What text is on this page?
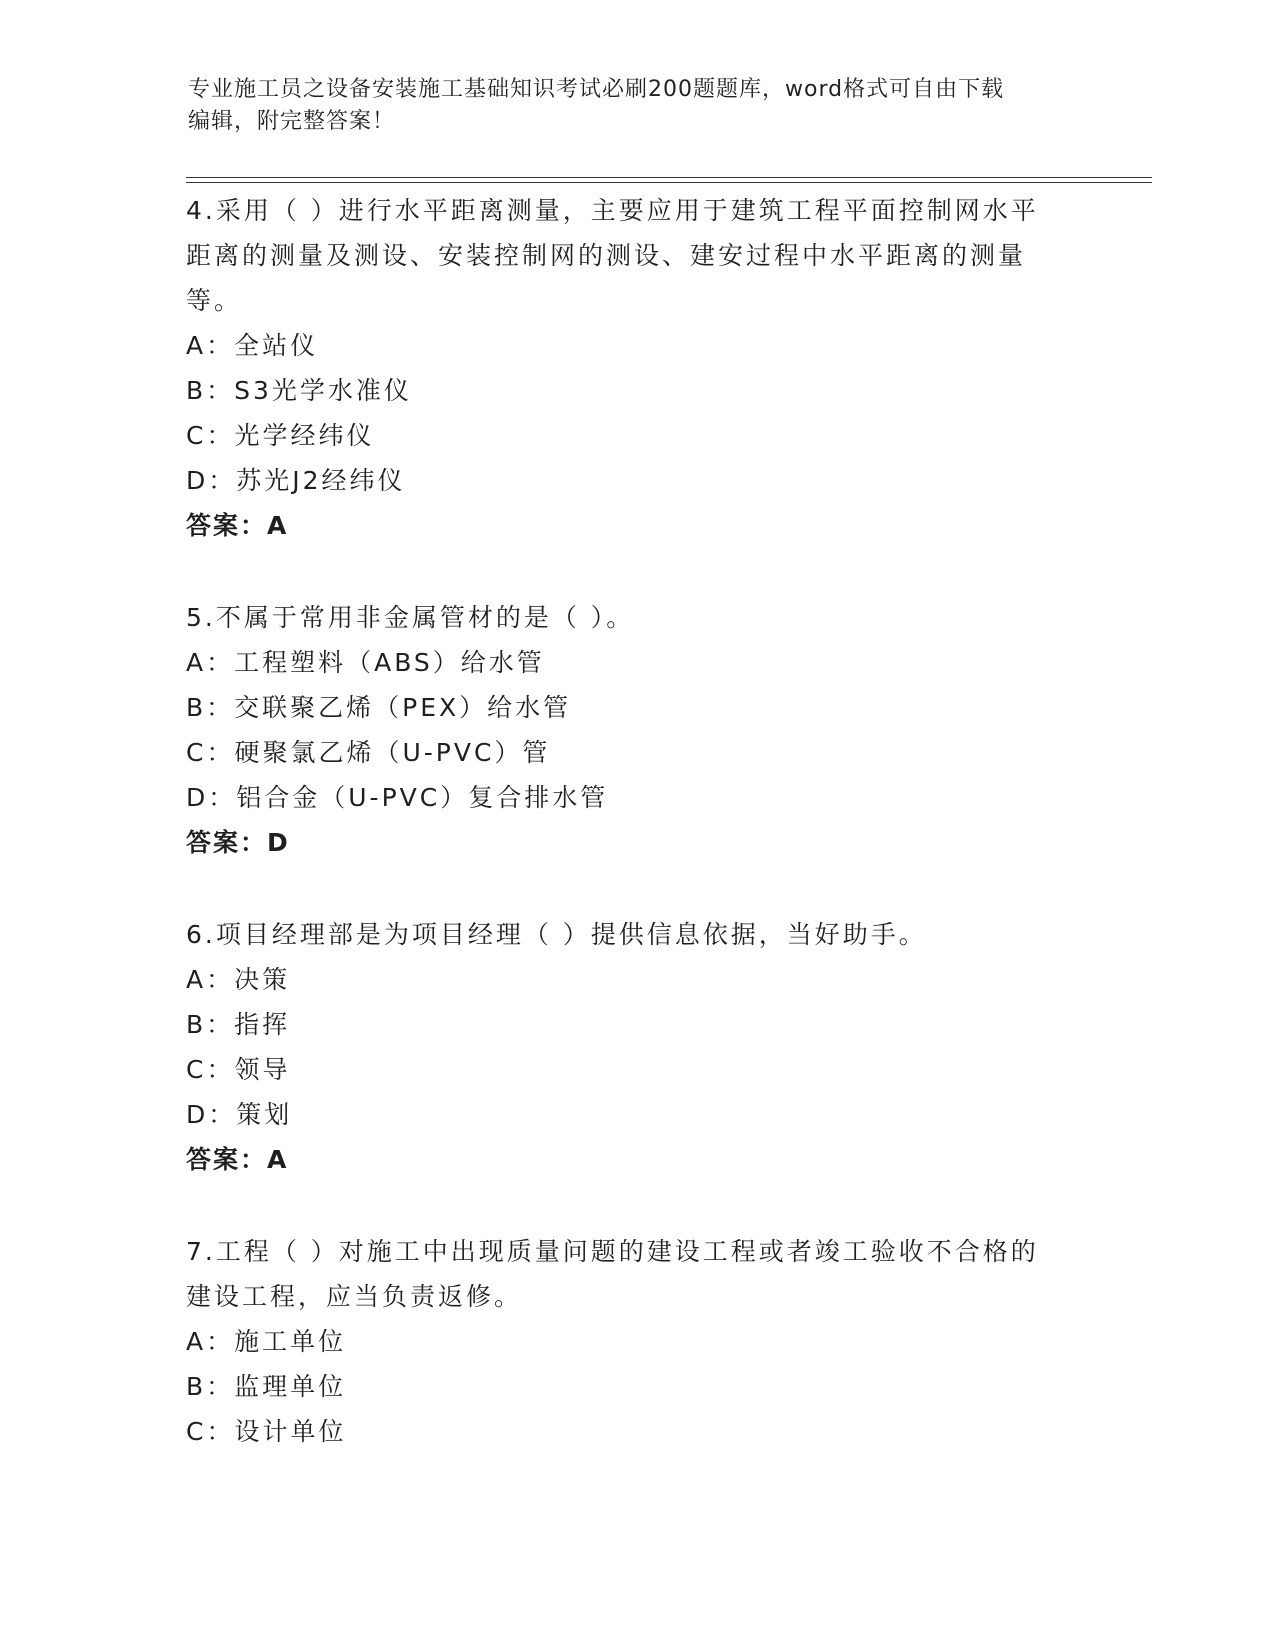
专业施工员之设备安装施工基础知识考试必刷200题题库，word格式可自由下载
编辑，附完整答案！

4.采用（ ）进行水平距离测量，主要应用于建筑工程平面控制网水平

距离的测量及测设、安装控制网的测设、建安过程中水平距离的测量

等。

A：全站仪

B：S3光学水准仪

C：光学经纬仪

D：苏光J2经纬仪

答案：A

5.不属于常用非金属管材的是（ ）。

A：工程塑料（ABS）给水管

B：交联聚乙烯（PEX）给水管

C：硬聚氯乙烯（U-PVC）管

D：铝合金（U-PVC）复合排水管

答案：D

6.项目经理部是为项目经理（ ）提供信息依据，当好助手。

A：决策

B：指挥

C：领导

D：策划

答案：A

7.工程（ ）对施工中出现质量问题的建设工程或者竣工验收不合格的

建设工程，应当负责返修。

A：施工单位

B：监理单位

C：设计单位
